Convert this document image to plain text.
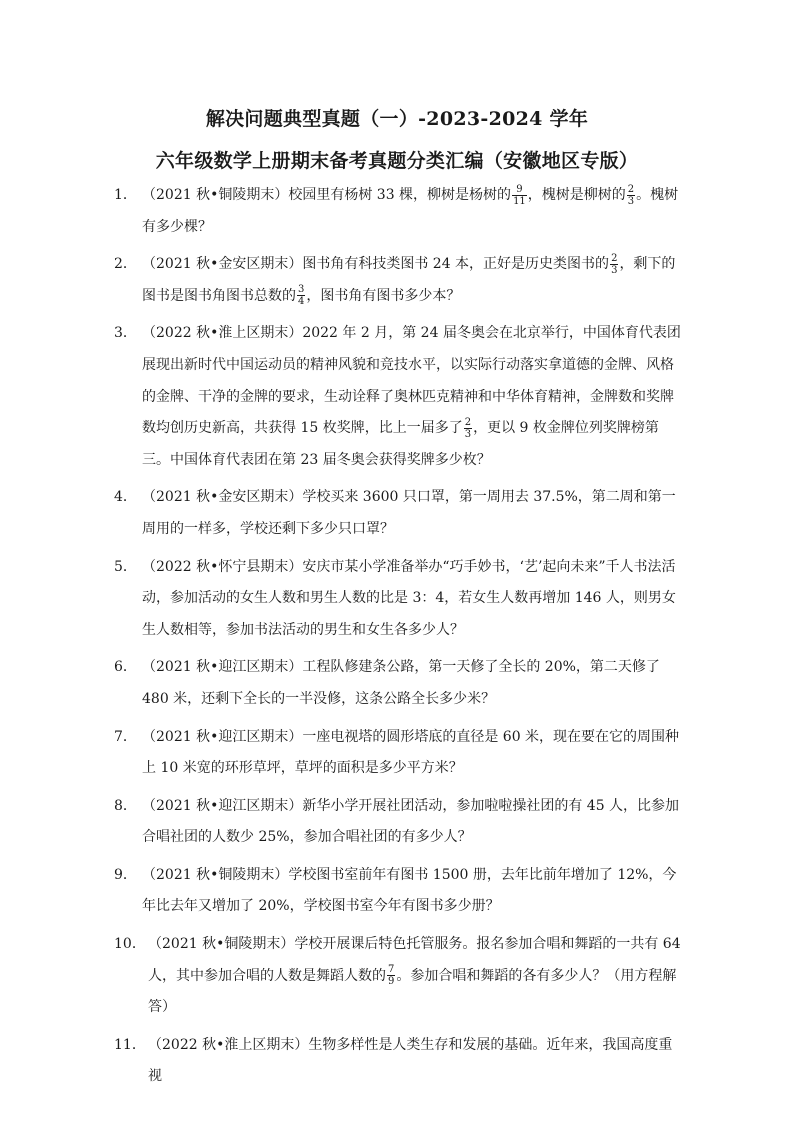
解决问题典型真题（一）-2023-2024 学年
六年级数学上册期末备考真题分类汇编（安徽地区专版）
1． （2021 秋•铜陵期末）校园里有杨树 33 棵，柳树是杨树的 $\frac{9}{11}$ ，槐树是柳树的 $\frac{2}{3}$ 。槐树有多少棵？
2． （2021 秋•金安区期末）图书角有科技类图书 24 本，正好是历史类图书的 $\frac{2}{3}$ ，剩下的图书是图书角图书总数的 $\frac{3}{4}$ ，图书角有图书多少本？
3． （2022 秋•淮上区期末）2022 年 2 月，第 24 届冬奥会在北京举行，中国体育代表团展现出新时代中国运动员的精神风貌和竞技水平，以实际行动落实拿道德的金牌、风格的金牌、干净的金牌的要求，生动诠释了奥林匹克精神和中华体育精神，金牌数和奖牌数均创历史新高，共获得 15 枚奖牌，比上一届多了 $\frac{2}{3}$ ，更以 9 枚金牌位列奖牌榜第三。中国体育代表团在第 23 届冬奥会获得奖牌多少枚？
4． （2021 秋•金安区期末）学校买来 3600 只口罩，第一周用去 37.5%，第二周和第一周用的一样多，学校还剩下多少只口罩？
5． （2022 秋•怀宁县期末）安庆市某小学准备举办“巧手妙书，‘艺’起向未来”千人书法活动，参加活动的女生人数和男生人数的比是 3：4，若女生人数再增加 146 人，则男女生人数相等，参加书法活动的男生和女生各多少人？
6． （2021 秋•迎江区期末）工程队修建条公路，第一天修了全长的 20%，第二天修了 480 米，还剩下全长的一半没修，这条公路全长多少米？
7． （2021 秋•迎江区期末）一座电视塔的圆形塔底的直径是 60 米，现在要在它的周围种上 10 米宽的环形草坪，草坪的面积是多少平方米？
8． （2021 秋•迎江区期末）新华小学开展社团活动，参加啦啦操社团的有 45 人，比参加合唱社团的人数少 25%，参加合唱社团的有多少人？
9． （2021 秋•铜陵期末）学校图书室前年有图书 1500 册，去年比前年增加了 12%，今年比去年又增加了 20%，学校图书室今年有图书多少册？
10． （2021 秋•铜陵期末）学校开展课后特色托管服务。报名参加合唱和舞蹈的一共有 64 人，其中参加合唱的人数是舞蹈人数的 $\frac{7}{9}$ 。参加合唱和舞蹈的各有多少人？（用方程解答）
11． （2022 秋•淮上区期末）生物多样性是人类生存和发展的基础。近年来，我国高度重视
